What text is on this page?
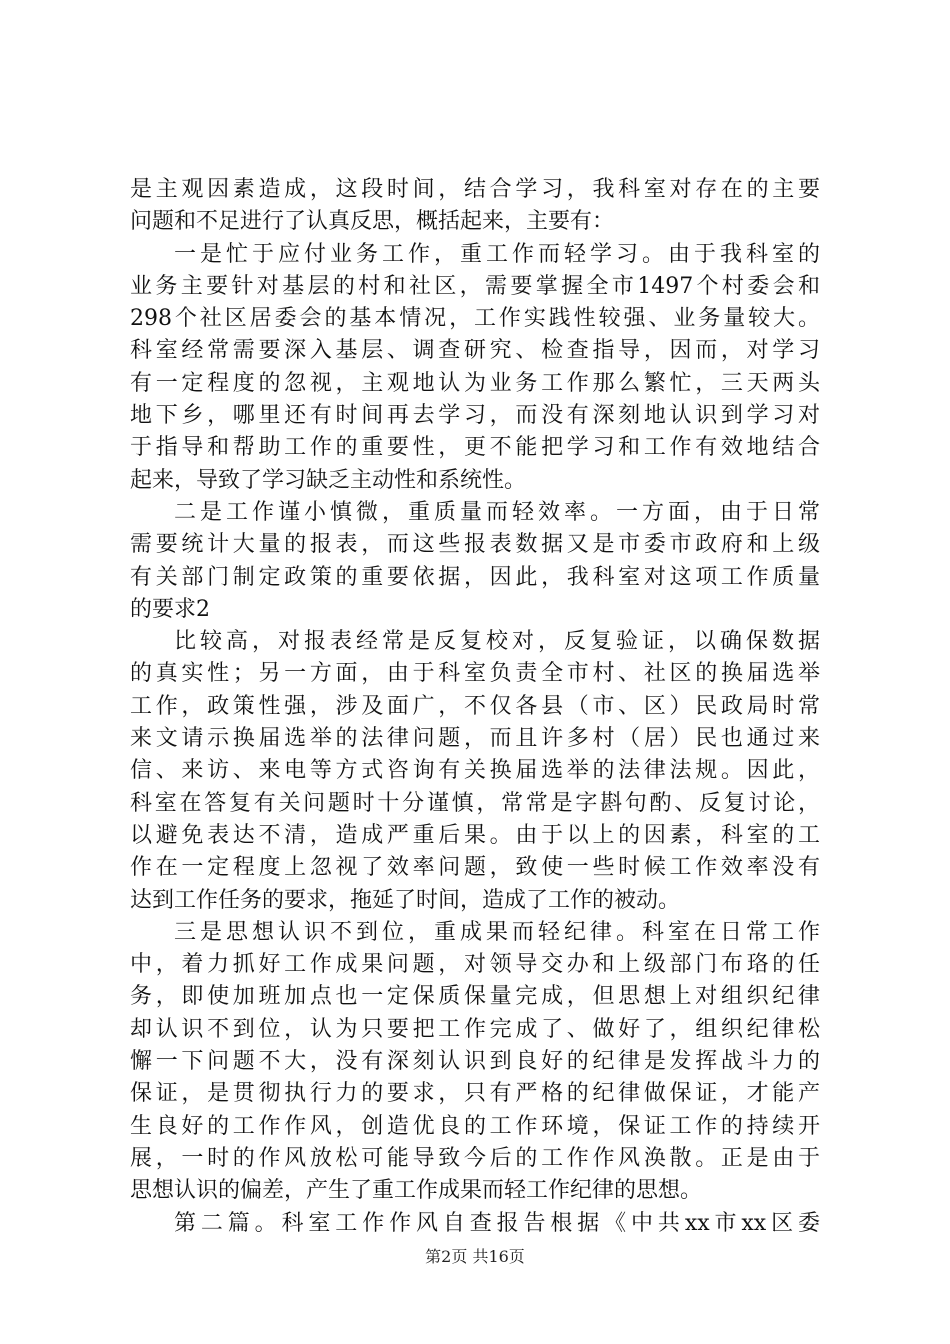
是主观因素造成，这段时间，结合学习，我科室对存在的主要
问题和不足进行了认真反思，概括起来，主要有：
一是忙于应付业务工作，重工作而轻学习。由于我科室的
业务主要针对基层的村和社区，需要掌握全市1497个村委会和
298个社区居委会的基本情况，工作实践性较强、业务量较大。
科室经常需要深入基层、调查研究、检查指导，因而，对学习
有一定程度的忽视，主观地认为业务工作那么繁忙，三天两头
地下乡，哪里还有时间再去学习，而没有深刻地认识到学习对
于指导和帮助工作的重要性，更不能把学习和工作有效地结合
起来，导致了学习缺乏主动性和系统性。
二是工作谨小慎微，重质量而轻效率。一方面，由于日常
需要统计大量的报表，而这些报表数据又是市委市政府和上级
有关部门制定政策的重要依据，因此，我科室对这项工作质量
的要求2
比较高，对报表经常是反复校对，反复验证，以确保数据
的真实性；另一方面，由于科室负责全市村、社区的换届选举
工作，政策性强，涉及面广，不仅各县（市、区）民政局时常
来文请示换届选举的法律问题，而且许多村（居）民也通过来
信、来访、来电等方式咨询有关换届选举的法律法规。因此，
科室在答复有关问题时十分谨慎，常常是字斟句酌、反复讨论，
以避免表达不清，造成严重后果。由于以上的因素，科室的工
作在一定程度上忽视了效率问题，致使一些时候工作效率没有
达到工作任务的要求，拖延了时间，造成了工作的被动。
三是思想认识不到位，重成果而轻纪律。科室在日常工作
中，着力抓好工作成果问题，对领导交办和上级部门布珞的任
务，即使加班加点也一定保质保量完成，但思想上对组织纪律
却认识不到位，认为只要把工作完成了、做好了，组织纪律松
懈一下问题不大，没有深刻认识到良好的纪律是发挥战斗力的
保证，是贯彻执行力的要求，只有严格的纪律做保证，才能产
生良好的工作作风，创造优良的工作环境，保证工作的持续开
展，一时的作风放松可能导致今后的工作作风涣散。正是由于
思想认识的偏差，产生了重工作成果而轻工作纪律的思想。
第二篇。科室工作作风自查报告根据《中共xx市xx区委
第2页 共16页
